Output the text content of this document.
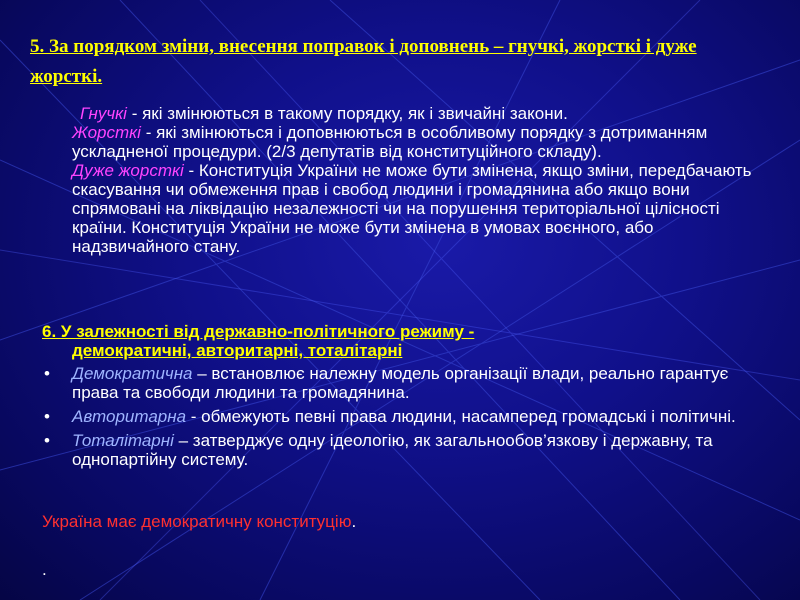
5. За порядком зміни, внесення поправок і доповнень – гнучкі, жорсткі і дуже жорсткі.

Гнучкі - які змінюються в такому порядку, як і звичайні закони.

Жорсткі - які змінюються і доповнюються в особливому порядку з дотриманням ускладненої процедури. (2/3 депутатів від конституційного складу).

Дуже жорсткі - Конституція України не може бути змінена, якщо зміни, передбачають скасування чи обмеження прав і свобод людини і громадянина або якщо вони спрямовані на ліквідацію незалежності чи на порушення територіальної цілісності країни. Конституція України не може бути змінена в умовах воєнного, або надзвичайного стану.

6. У залежності від державно-політичного режиму -
демократичні, авторитарні, тоталітарні
• Демократична – встановлює належну модель організації влади, реально гарантує права та свободи людини та громадянина.
• Авторитарна - обмежують певні права людини, насамперед громадські і політичні.
• Тоталітарні – затверджує одну ідеологію, як загальнообов’язкову і державну, та однопартійну систему.
Україна має демократичну конституцію.
.
